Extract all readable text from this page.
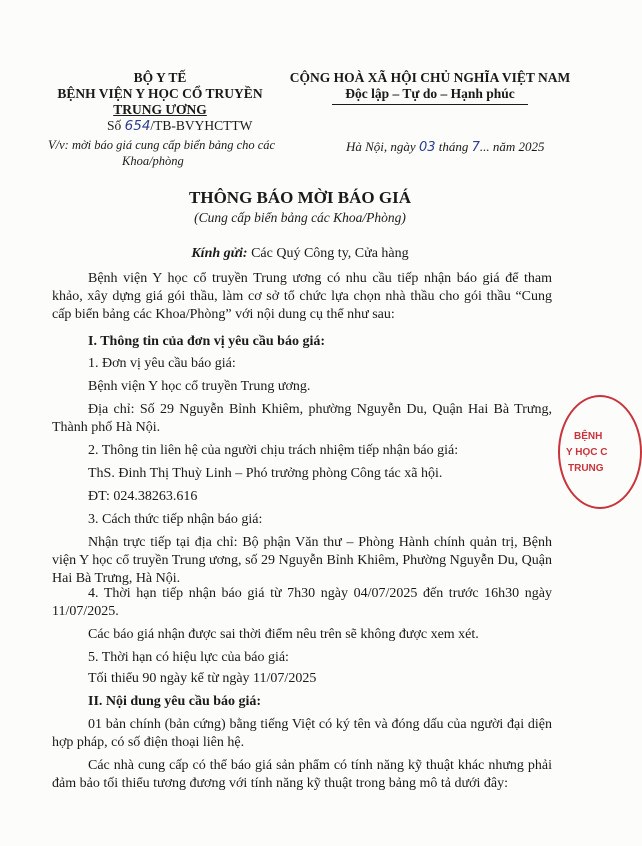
BỘ Y TẾ
BỆNH VIỆN Y HỌC CỔ TRUYỀN
TRUNG ƯƠNG
Số 654/TB-BVYHCTTW
V/v: mời báo giá cung cấp biển bảng cho các
Khoa/phòng
CỘNG HOÀ XÃ HỘI CHỦ NGHĨA VIỆT NAM
Độc lập – Tự do – Hạnh phúc
Hà Nội, ngày 03 tháng 7... năm 2025
THÔNG BÁO MỜI BÁO GIÁ
(Cung cấp biển bảng các Khoa/Phòng)
Kính gửi: Các Quý Công ty, Cửa hàng
Bệnh viện Y học cổ truyền Trung ương có nhu cầu tiếp nhận báo giá để tham khảo, xây dựng giá gói thầu, làm cơ sở tổ chức lựa chọn nhà thầu cho gói thầu “Cung cấp biển bảng các Khoa/Phòng” với nội dung cụ thể như sau:
I. Thông tin của đơn vị yêu cầu báo giá:
1. Đơn vị yêu cầu báo giá:
Bệnh viện Y học cổ truyền Trung ương.
Địa chỉ: Số 29 Nguyễn Bỉnh Khiêm, phường Nguyễn Du, Quận Hai Bà Trưng, Thành phố Hà Nội.
2. Thông tin liên hệ của người chịu trách nhiệm tiếp nhận báo giá:
ThS. Đinh Thị Thuỳ Linh – Phó trưởng phòng Công tác xã hội.
ĐT: 024.38263.616
3. Cách thức tiếp nhận báo giá:
Nhận trực tiếp tại địa chỉ: Bộ phận Văn thư – Phòng Hành chính quản trị, Bệnh viện Y học cổ truyền Trung ương, số 29 Nguyễn Bỉnh Khiêm, Phường Nguyễn Du, Quận Hai Bà Trưng, Hà Nội.
4. Thời hạn tiếp nhận báo giá từ 7h30 ngày 04/07/2025 đến trước 16h30 ngày 11/07/2025.
Các báo giá nhận được sai thời điểm nêu trên sẽ không được xem xét.
5. Thời hạn có hiệu lực của báo giá:
Tối thiểu 90 ngày kể từ ngày 11/07/2025
II. Nội dung yêu cầu báo giá:
01 bản chính (bản cứng) bằng tiếng Việt có ký tên và đóng dấu của người đại diện hợp pháp, có số điện thoại liên hệ.
Các nhà cung cấp có thể báo giá sản phẩm có tính năng kỹ thuật khác nhưng phải đảm bảo tối thiểu tương đương với tính năng kỹ thuật trong bảng mô tả dưới đây:
BỆNH
Y HỌC C
TRUNG
